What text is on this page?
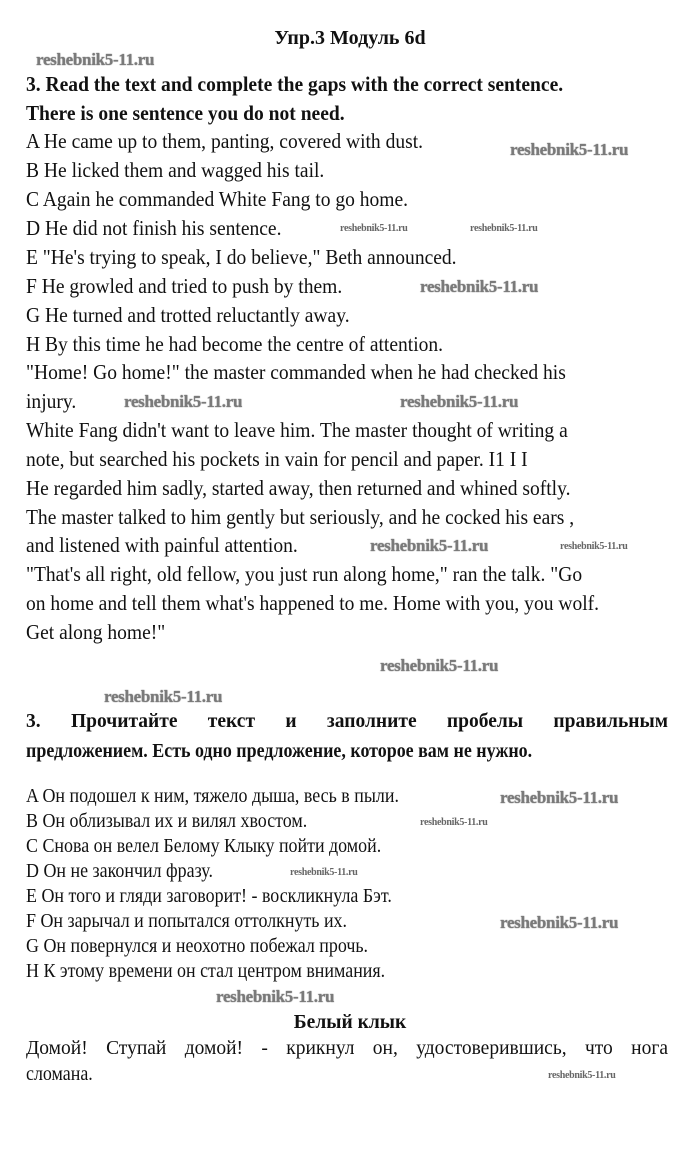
Упр.3 Модуль 6d
3. Read the text and complete the gaps with the correct sentence.
There is one sentence you do not need.
A He came up to them, panting, covered with dust.
B He licked them and wagged his tail.
C Again he commanded White Fang to go home.
D He did not finish his sentence.
E "He's trying to speak, I do believe," Beth announced.
F He growled and tried to push by them.
G He turned and trotted reluctantly away.
H By this time he had become the centre of attention.
"Home! Go home!" the master commanded when he had checked his
injury.
White Fang didn't want to leave him. The master thought of writing a
note, but searched his pockets in vain for pencil and paper. I1 I I
He regarded him sadly, started away, then returned and whined softly.
The master talked to him gently but seriously, and he cocked his ears ,
and listened with painful attention.
"That's all right, old fellow, you just run along home," ran the talk. "Go
on home and tell them what's happened to me. Home with you, you wolf.
Get along home!"
3. Прочитайте текст и заполните пробелы правильным
предложением. Есть одно предложение, которое вам не нужно.
A Он подошел к ним, тяжело дыша, весь в пыли.
B Он облизывал их и вилял хвостом.
C Снова он велел Белому Клыку пойти домой.
D Он не закончил фразу.
E Он того и гляди заговорит! - воскликнула Бэт.
F Он зарычал и попытался оттолкнуть их.
G Он повернулся и неохотно побежал прочь.
H К этому времени он стал центром внимания.
Белый клык
Домой! Ступай домой! - крикнул он, удостоверившись, что нога
сломана.
reshebnik5-11.ru
reshebnik5-11.ru
reshebnik5-11.ru	reshebnik5-11.ru
reshebnik5-11.ru
reshebnik5-11.ru	reshebnik5-11.ru
reshebnik5-11.ru	reshebnik5-11.ru
reshebnik5-11.ru
reshebnik5-11.ru
reshebnik5-11.ru
reshebnik5-11.ru
reshebnik5-11.ru
reshebnik5-11.ru
reshebnik5-11.ru
reshebnik5-11.ru
